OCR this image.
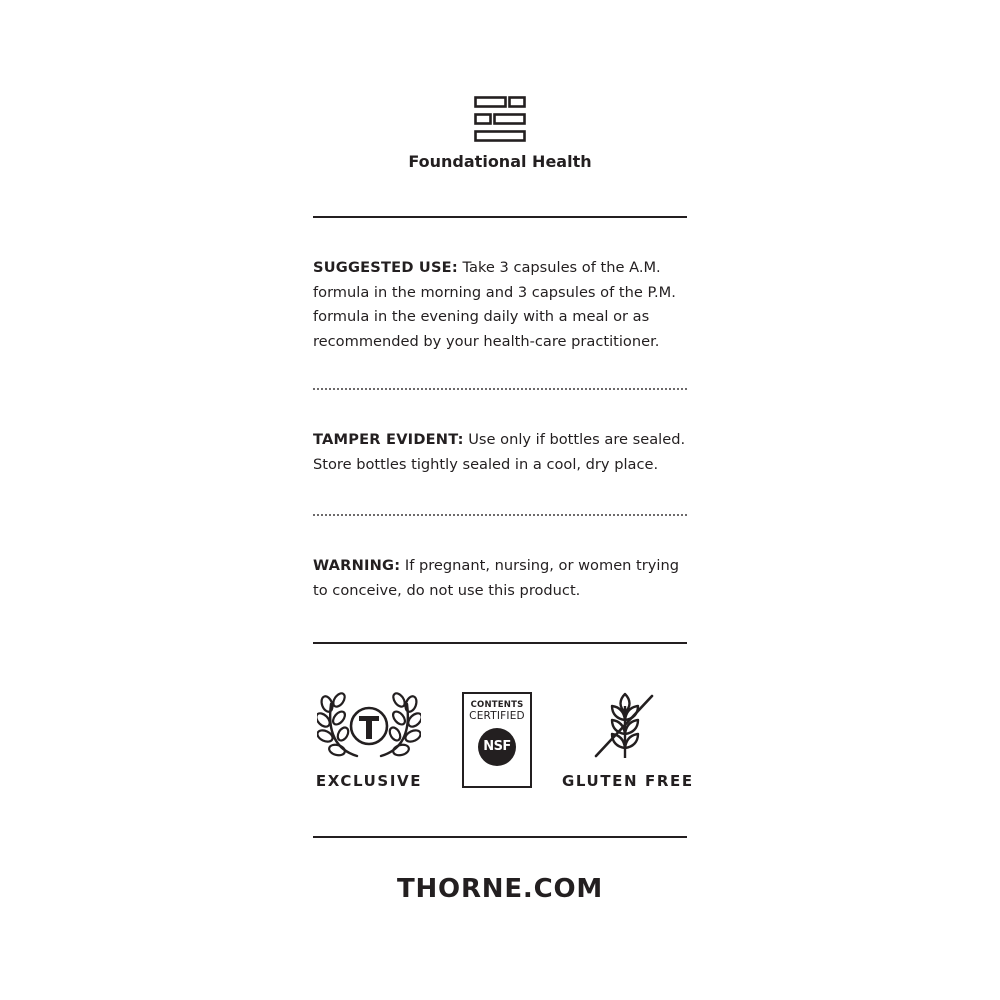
Foundational Health
SUGGESTED USE: Take 3 capsules of the A.M. formula in the morning and 3 capsules of the P.M. formula in the evening daily with a meal or as recommended by your health-care practitioner.
TAMPER EVIDENT: Use only if bottles are sealed. Store bottles tightly sealed in a cool, dry place.
WARNING: If pregnant, nursing, or women trying to conceive, do not use this product.
EXCLUSIVE
CONTENTS
CERTIFIED
NSF
GLUTEN FREE
THORNE.COM
